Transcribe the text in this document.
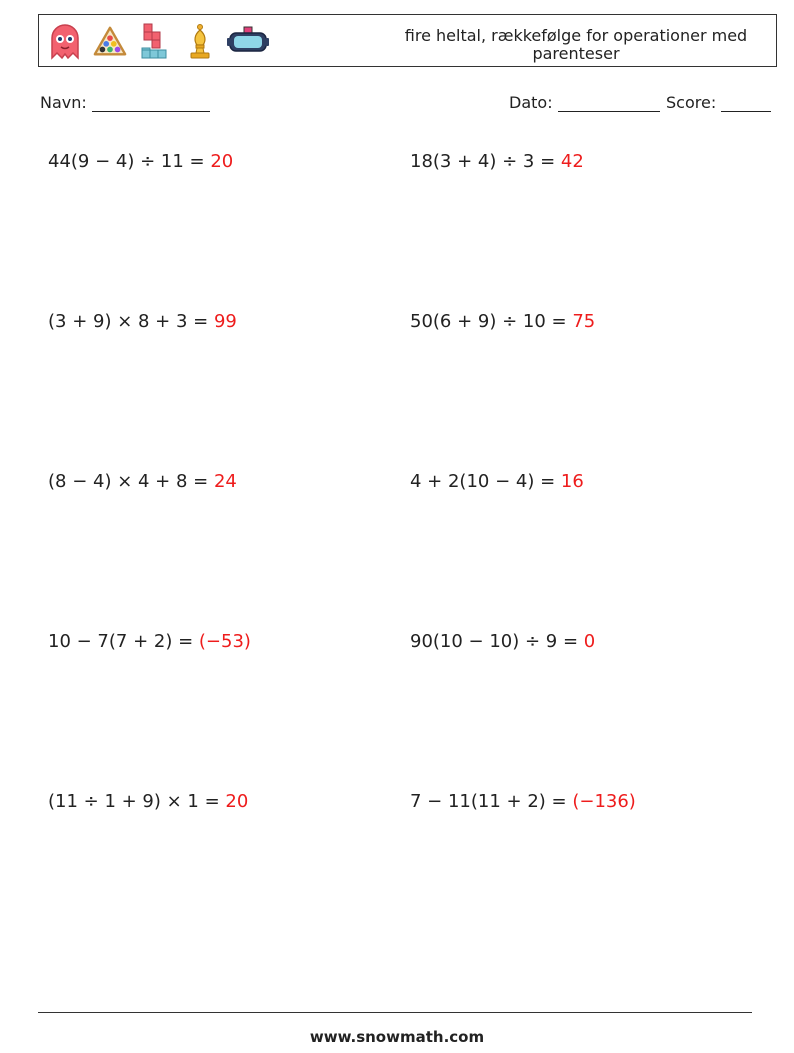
fire heltal, rækkefølge for operationer med parenteser
Navn:	Dato:	Score:
44(9 − 4) ÷ 11 = 20	18(3 + 4) ÷ 3 = 42
(3 + 9) × 8 + 3 = 99	50(6 + 9) ÷ 10 = 75
(8 − 4) × 4 + 8 = 24	4 + 2(10 − 4) = 16
10 − 7(7 + 2) = (−53)	90(10 − 10) ÷ 9 = 0
(11 ÷ 1 + 9) × 1 = 20	7 − 11(11 + 2) = (−136)
www.snowmath.com
